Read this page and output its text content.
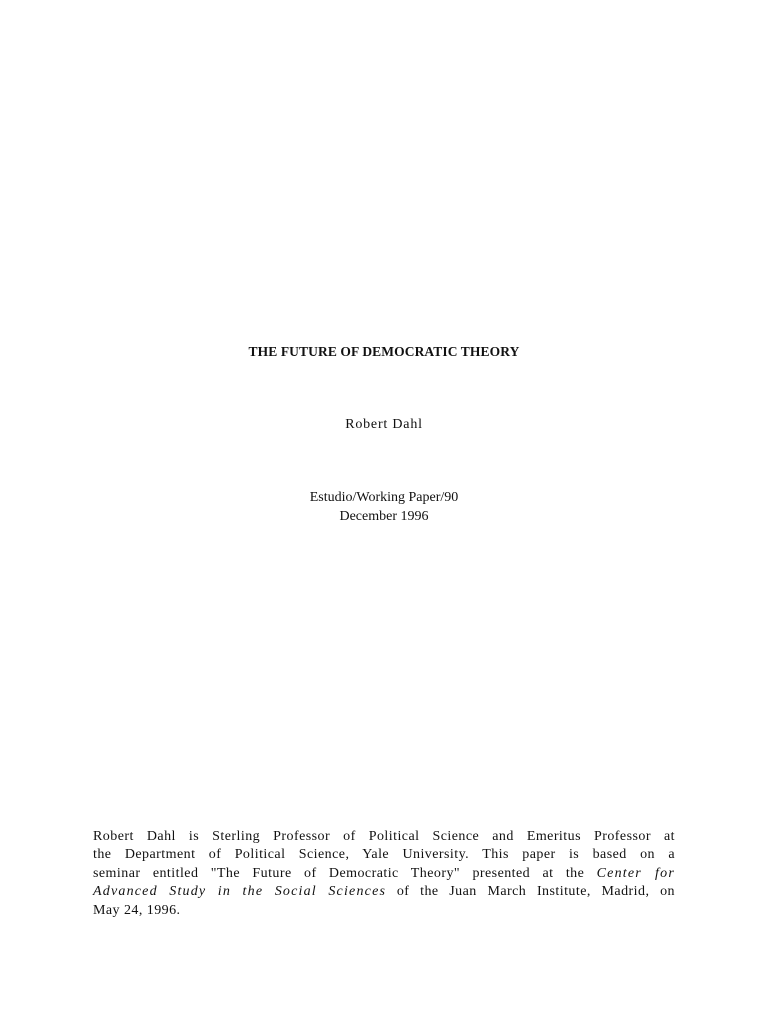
THE FUTURE OF DEMOCRATIC THEORY
Robert Dahl
Estudio/Working Paper/90
December 1996
Robert Dahl is Sterling Professor of Political Science and Emeritus Professor at
the Department of Political Science, Yale University. This paper is based on a
seminar entitled "The Future of Democratic Theory" presented at the Center for
Advanced Study in the Social Sciences of the Juan March Institute, Madrid, on
May 24, 1996.
